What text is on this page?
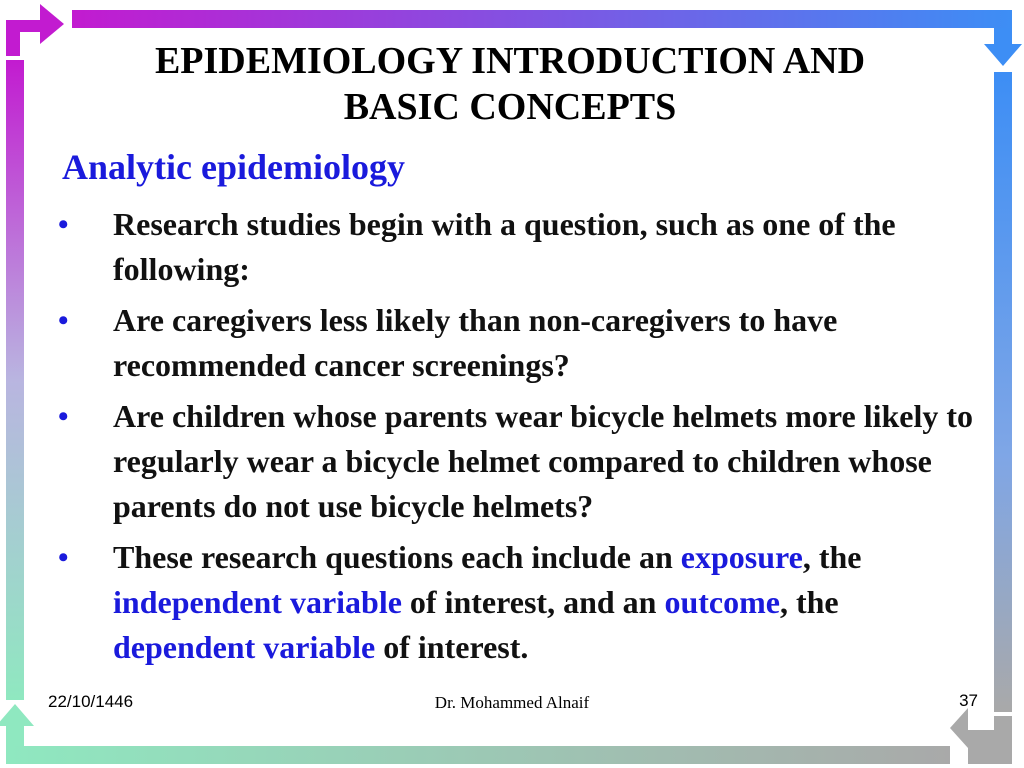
EPIDEMIOLOGY INTRODUCTION AND BASIC CONCEPTS
Analytic epidemiology
• Research studies begin with a question, such as one of the following:
• Are caregivers less likely than non-caregivers to have recommended cancer screenings?
• Are children whose parents wear bicycle helmets more likely to regularly wear a bicycle helmet compared to children whose parents do not use bicycle helmets?
• These research questions each include an exposure, the independent variable of interest, and an outcome, the dependent variable of interest.
22/10/1446	Dr. Mohammed Alnaif	37
